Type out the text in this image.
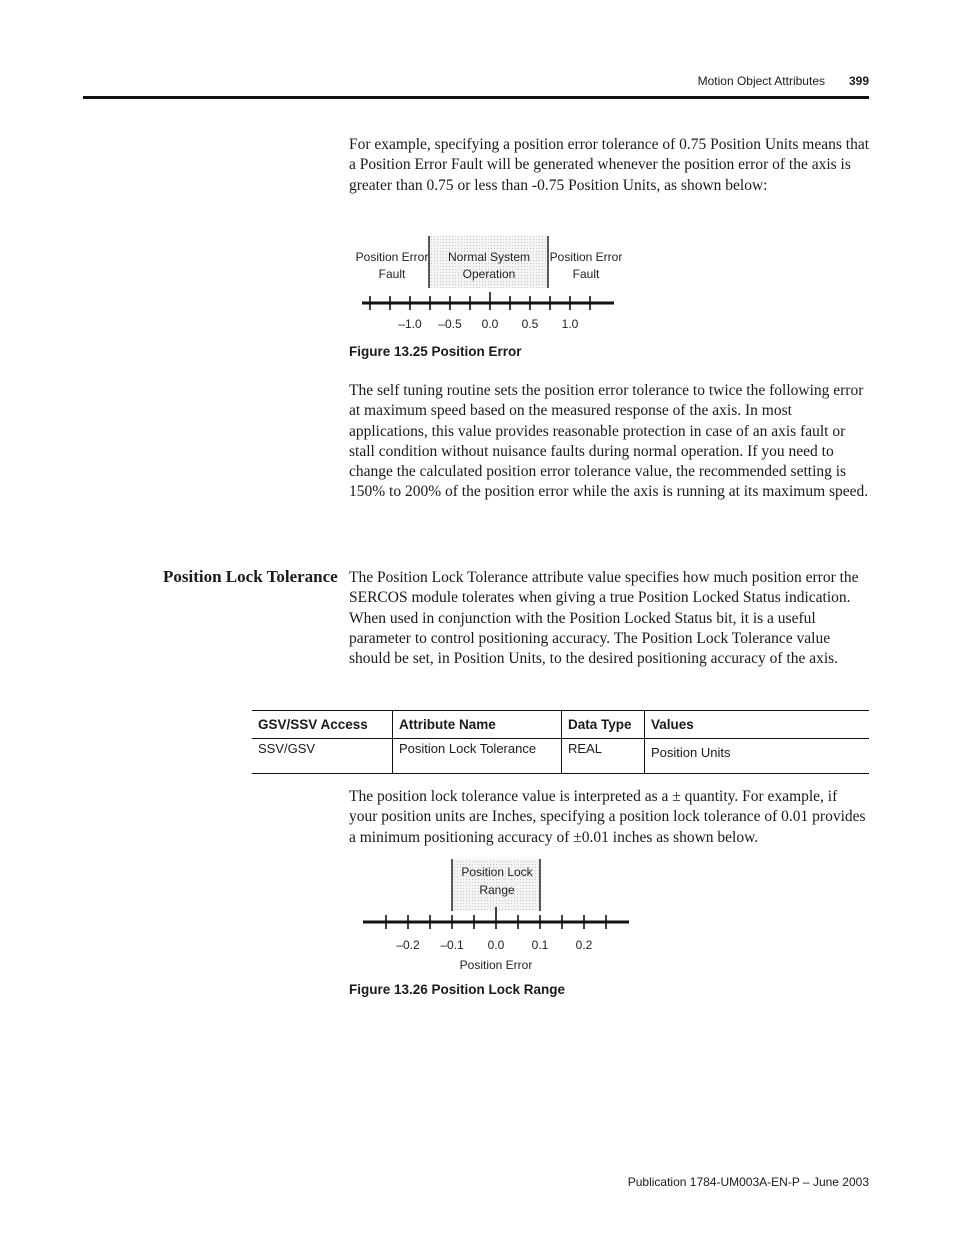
Motion Object Attributes	399

For example, specifying a position error tolerance of 0.75 Position Units means that a Position Error Fault will be generated whenever the position error of the axis is greater than 0.75 or less than -0.75 Position Units, as shown below:

Position Error
Fault
Normal System
Operation
Position Error
Fault
–1.0 –0.5 0.0 0.5 1.0
Figure 13.25 Position Error

The self tuning routine sets the position error tolerance to twice the following error at maximum speed based on the measured response of the axis. In most applications, this value provides reasonable protection in case of an axis fault or stall condition without nuisance faults during normal operation. If you need to change the calculated position error tolerance value, the recommended setting is 150% to 200% of the position error while the axis is running at its maximum speed.

Position Lock Tolerance The Position Lock Tolerance attribute value specifies how much position error the SERCOS module tolerates when giving a true Position Locked Status indication. When used in conjunction with the Position Locked Status bit, it is a useful parameter to control positioning accuracy. The Position Lock Tolerance value should be set, in Position Units, to the desired positioning accuracy of the axis.

GSV/SSV Access	Attribute Name	Data Type	Values
SSV/GSV	Position Lock Tolerance	REAL	Position Units

The position lock tolerance value is interpreted as a ± quantity. For example, if your position units are Inches, specifying a position lock tolerance of 0.01 provides a minimum positioning accuracy of ±0.01 inches as shown below.

Position Lock
Range
–0.2 –0.1 0.0 0.1 0.2
Position Error
Figure 13.26 Position Lock Range
Publication 1784-UM003A-EN-P – June 2003
